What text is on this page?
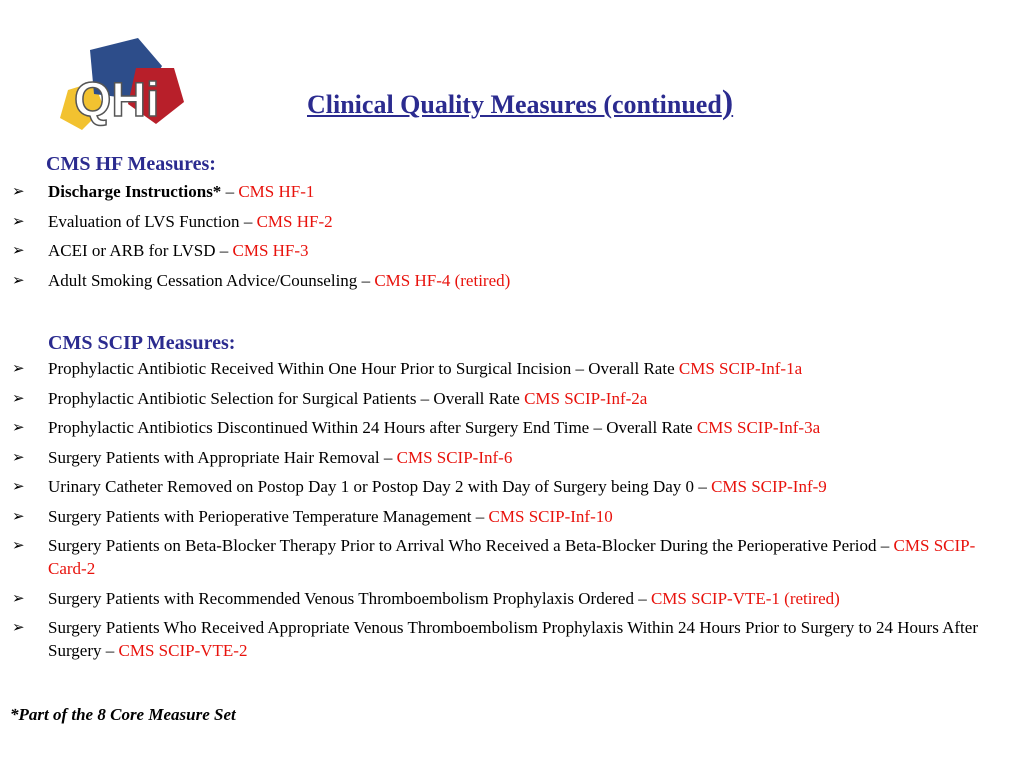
QHi	Clinical Quality Measures (continued)
CMS HF Measures:
➢ Discharge Instructions* – CMS HF-1
➢ Evaluation of LVS Function – CMS HF-2
➢ ACEI or ARB for LVSD – CMS HF-3
➢ Adult Smoking Cessation Advice/Counseling – CMS HF-4 (retired)
CMS SCIP Measures:
➢ Prophylactic Antibiotic Received Within One Hour Prior to Surgical Incision – Overall Rate CMS SCIP-Inf-1a
➢ Prophylactic Antibiotic Selection for Surgical Patients – Overall Rate CMS SCIP-Inf-2a
➢ Prophylactic Antibiotics Discontinued Within 24 Hours after Surgery End Time – Overall Rate CMS SCIP-Inf-3a
➢ Surgery Patients with Appropriate Hair Removal – CMS SCIP-Inf-6
➢ Urinary Catheter Removed on Postop Day 1 or Postop Day 2 with Day of Surgery being Day 0 – CMS SCIP-Inf-9
➢ Surgery Patients with Perioperative Temperature Management – CMS SCIP-Inf-10
➢ Surgery Patients on Beta-Blocker Therapy Prior to Arrival Who Received a Beta-Blocker During the Perioperative Period – CMS SCIP-Card-2
➢ Surgery Patients with Recommended Venous Thromboembolism Prophylaxis Ordered – CMS SCIP-VTE-1 (retired)
➢ Surgery Patients Who Received Appropriate Venous Thromboembolism Prophylaxis Within 24 Hours Prior to Surgery to 24 Hours After Surgery – CMS SCIP-VTE-2
*Part of the 8 Core Measure Set
